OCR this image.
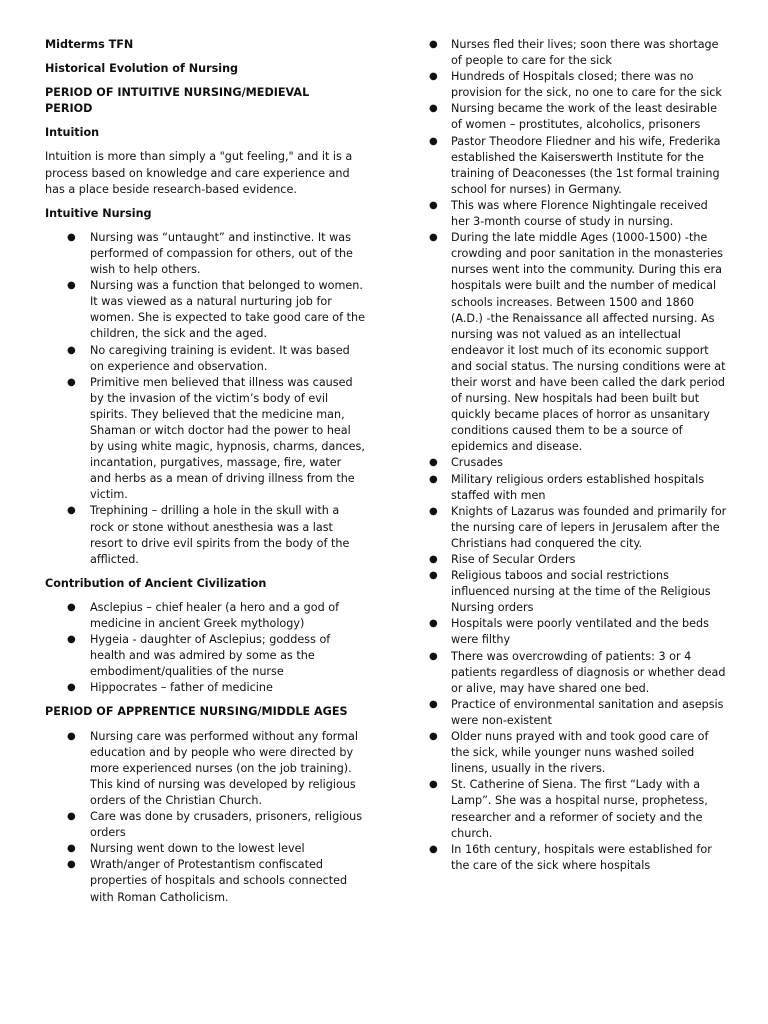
Midterms TFN

Historical Evolution of Nursing

PERIOD OF INTUITIVE NURSING/MEDIEVAL PERIOD

Intuition

Intuition is more than simply a "gut feeling," and it is a process based on knowledge and care experience and has a place beside research-based evidence.

Intuitive Nursing

● Nursing was “untaught” and instinctive. It was performed of compassion for others, out of the wish to help others.
● Nursing was a function that belonged to women. It was viewed as a natural nurturing job for women. She is expected to take good care of the children, the sick and the aged.
● No caregiving training is evident. It was based on experience and observation.
● Primitive men believed that illness was caused by the invasion of the victim’s body of evil spirits. They believed that the medicine man, Shaman or witch doctor had the power to heal by using white magic, hypnosis, charms, dances, incantation, purgatives, massage, fire, water and herbs as a mean of driving illness from the victim.
● Trephining – drilling a hole in the skull with a rock or stone without anesthesia was a last resort to drive evil spirits from the body of the afflicted.

Contribution of Ancient Civilization

● Asclepius – chief healer (a hero and a god of medicine in ancient Greek mythology)
● Hygeia - daughter of Asclepius; goddess of health and was admired by some as the embodiment/qualities of the nurse
● Hippocrates – father of medicine

PERIOD OF APPRENTICE NURSING/MIDDLE AGES

● Nursing care was performed without any formal education and by people who were directed by more experienced nurses (on the job training). This kind of nursing was developed by religious orders of the Christian Church.
● Care was done by crusaders, prisoners, religious orders
● Nursing went down to the lowest level
● Wrath/anger of Protestantism confiscated properties of hospitals and schools connected with Roman Catholicism.
● Nurses fled their lives; soon there was shortage of people to care for the sick
● Hundreds of Hospitals closed; there was no provision for the sick, no one to care for the sick
● Nursing became the work of the least desirable of women – prostitutes, alcoholics, prisoners
● Pastor Theodore Fliedner and his wife, Frederika established the Kaiserswerth Institute for the training of Deaconesses (the 1st formal training school for nurses) in Germany.
● This was where Florence Nightingale received her 3-month course of study in nursing.
● During the late middle Ages (1000-1500) -the crowding and poor sanitation in the monasteries nurses went into the community. During this era hospitals were built and the number of medical schools increases. Between 1500 and 1860 (A.D.) -the Renaissance all affected nursing. As nursing was not valued as an intellectual endeavor it lost much of its economic support and social status. The nursing conditions were at their worst and have been called the dark period of nursing. New hospitals had been built but quickly became places of horror as unsanitary conditions caused them to be a source of epidemics and disease.
● Crusades
● Military religious orders established hospitals staffed with men
● Knights of Lazarus was founded and primarily for the nursing care of lepers in Jerusalem after the Christians had conquered the city.
● Rise of Secular Orders
● Religious taboos and social restrictions influenced nursing at the time of the Religious Nursing orders
● Hospitals were poorly ventilated and the beds were filthy
● There was overcrowding of patients: 3 or 4 patients regardless of diagnosis or whether dead or alive, may have shared one bed.
● Practice of environmental sanitation and asepsis were non-existent
● Older nuns prayed with and took good care of the sick, while younger nuns washed soiled linens, usually in the rivers.
● St. Catherine of Siena. The first “Lady with a Lamp”. She was a hospital nurse, prophetess, researcher and a reformer of society and the church.
● In 16th century, hospitals were established for the care of the sick where hospitals
